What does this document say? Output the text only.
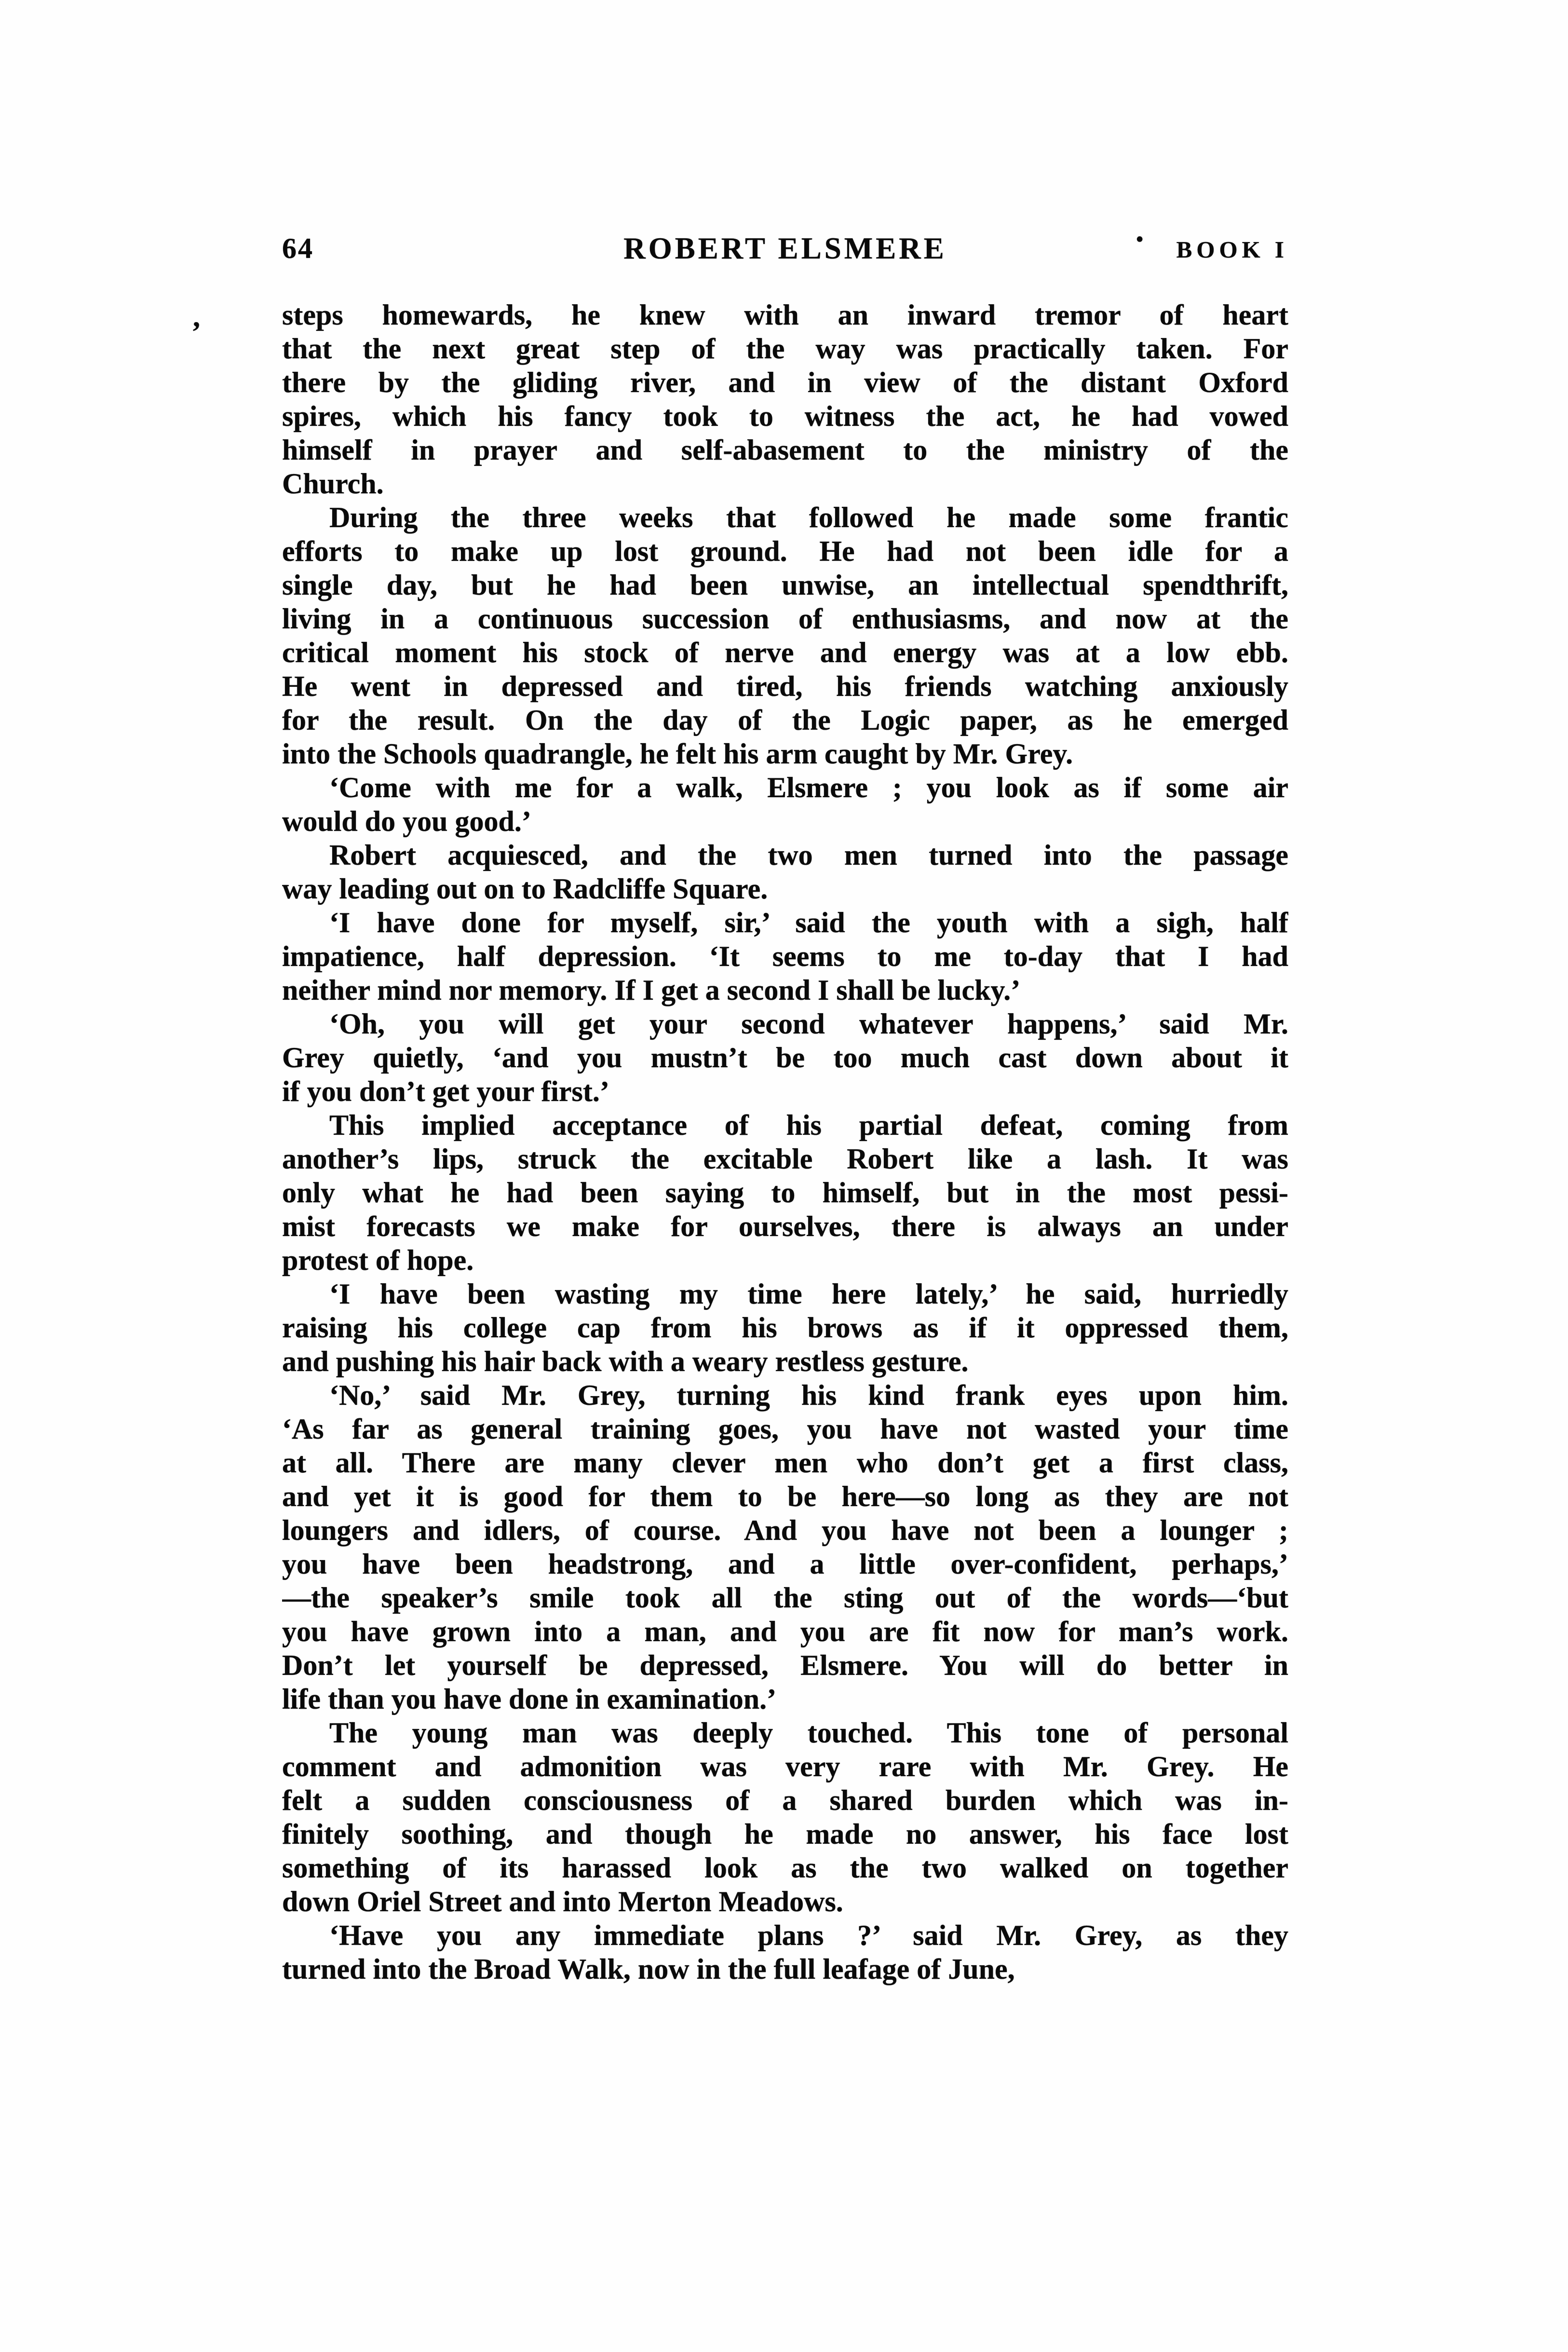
64	ROBERT ELSMERE	BOOK I
·
,	steps homewards, he knew with an inward tremor of heart
that the next great step of the way was practically taken. For
there by the gliding river, and in view of the distant Oxford
spires, which his fancy took to witness the act, he had vowed
himself in prayer and self-abasement to the ministry of the
Church.
During the three weeks that followed he made some frantic
efforts to make up lost ground. He had not been idle for a
single day, but he had been unwise, an intellectual spendthrift,
living in a continuous succession of enthusiasms, and now at the
critical moment his stock of nerve and energy was at a low ebb.
He went in depressed and tired, his friends watching anxiously
for the result. On the day of the Logic paper, as he emerged
into the Schools quadrangle, he felt his arm caught by Mr. Grey.
‘Come with me for a walk, Elsmere ; you look as if some air
would do you good.’
Robert acquiesced, and the two men turned into the passage
way leading out on to Radcliffe Square.
‘I have done for myself, sir,’ said the youth with a sigh, half
impatience, half depression. ‘It seems to me to-day that I had
neither mind nor memory. If I get a second I shall be lucky.’
‘Oh, you will get your second whatever happens,’ said Mr.
Grey quietly, ‘and you mustn’t be too much cast down about it
if you don’t get your first.’
This implied acceptance of his partial defeat, coming from
another’s lips, struck the excitable Robert like a lash. It was
only what he had been saying to himself, but in the most pessi-
mist forecasts we make for ourselves, there is always an under
protest of hope.
‘I have been wasting my time here lately,’ he said, hurriedly
raising his college cap from his brows as if it oppressed them,
and pushing his hair back with a weary restless gesture.
‘No,’ said Mr. Grey, turning his kind frank eyes upon him.
‘As far as general training goes, you have not wasted your time
at all. There are many clever men who don’t get a first class,
and yet it is good for them to be here—so long as they are not
loungers and idlers, of course. And you have not been a lounger ;
you have been headstrong, and a little over-confident, perhaps,’
—the speaker’s smile took all the sting out of the words—‘but
you have grown into a man, and you are fit now for man’s work.
Don’t let yourself be depressed, Elsmere. You will do better in
life than you have done in examination.’
The young man was deeply touched. This tone of personal
comment and admonition was very rare with Mr. Grey. He
felt a sudden consciousness of a shared burden which was in-
finitely soothing, and though he made no answer, his face lost
something of its harassed look as the two walked on together
down Oriel Street and into Merton Meadows.
‘Have you any immediate plans ?’ said Mr. Grey, as they
turned into the Broad Walk, now in the full leafage of June,
